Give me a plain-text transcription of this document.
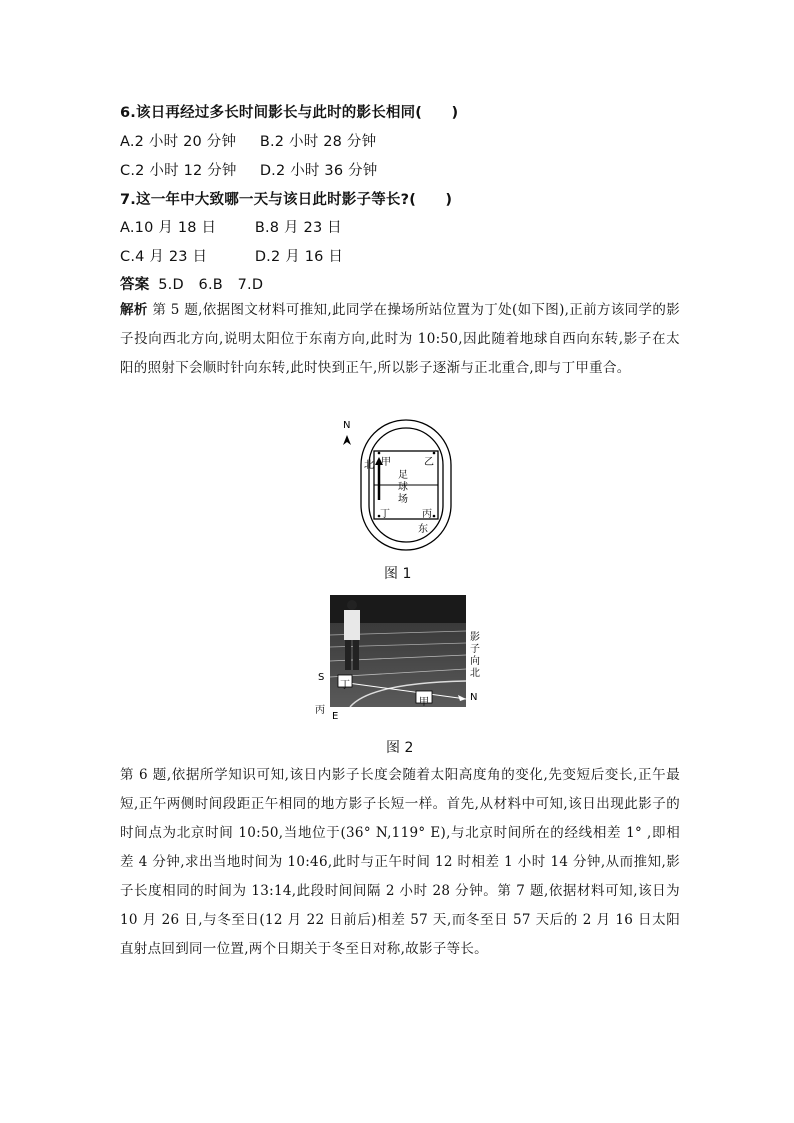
6.该日再经过多长时间影长与此时的影长相同(　　)
A.2 小时 20 分钟 B.2 小时 28 分钟
C.2 小时 12 分钟 D.2 小时 36 分钟
7.这一年中大致哪一天与该日此时影子等长?(　　)
A.10 月 18 日	B.8 月 23 日
C.4 月 23 日	D.2 月 16 日
答案 5.D　6.B　7.D
解析 第 5 题,依据图文材料可推知,此同学在操场所站位置为丁处(如下图),正前方该同学的影子投向西北方向,说明太阳位于东南方向,此时为 10:50,因此随着地球自西向东转,影子在太阳的照射下会顺时针向东转,此时快到正午,所以影子逐渐与正北重合,即与丁甲重合。
N
北 甲	乙
足
球
场
丁	丙
东
图 1
丁
甲
S
丙
E
N
影
子
向
北
图 2
第 6 题,依据所学知识可知,该日内影子长度会随着太阳高度角的变化,先变短后变长,正午最短,正午两侧时间段距正午相同的地方影子长短一样。首先,从材料中可知,该日出现此影子的时间点为北京时间 10:50,当地位于(36° N,119° E),与北京时间所在的经线相差 1° ,即相差 4 分钟,求出当地时间为 10:46,此时与正午时间 12 时相差 1 小时 14 分钟,从而推知,影子长度相同的时间为 13:14,此段时间间隔 2 小时 28 分钟。第 7 题,依据材料可知,该日为 10 月 26 日,与冬至日(12 月 22 日前后)相差 57 天,而冬至日 57 天后的 2 月 16 日太阳直射点回到同一位置,两个日期关于冬至日对称,故影子等长。
